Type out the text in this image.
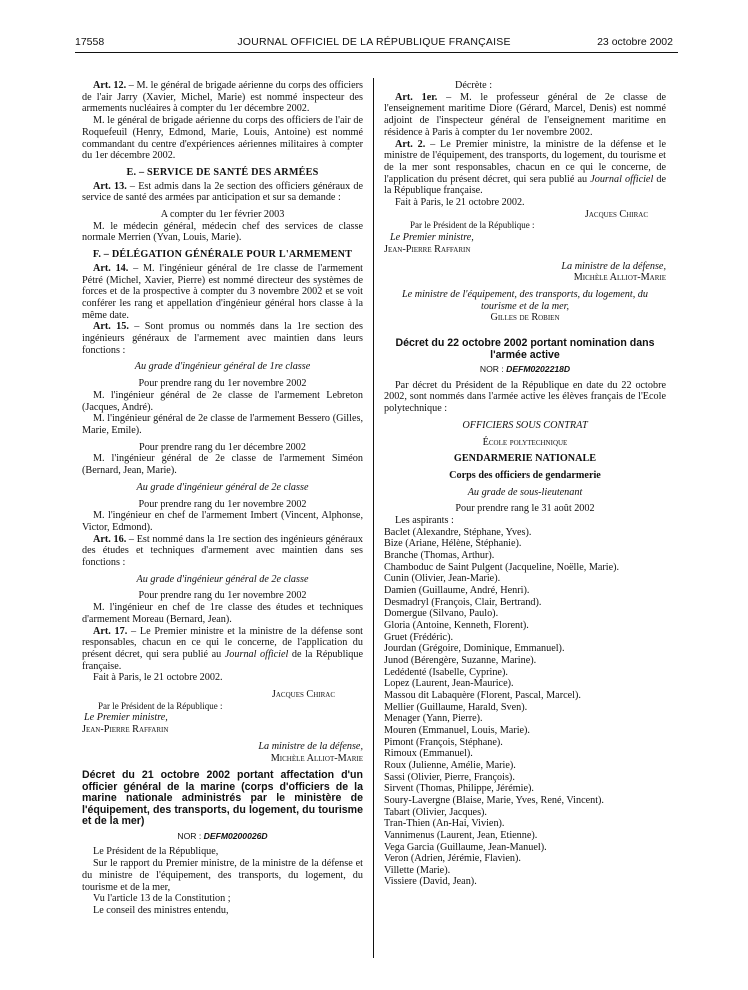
17558	JOURNAL OFFICIEL DE LA RÉPUBLIQUE FRANÇAISE	23 octobre 2002

Art. 12. – M. le général de brigade aérienne du corps des officiers de l'air Jarry (Xavier, Michel, Marie) est nommé inspecteur des armements nucléaires à compter du 1er décembre 2002.

M. le général de brigade aérienne du corps des officiers de l'air de Roquefeuil (Henry, Edmond, Marie, Louis, Antoine) est nommé commandant du centre d'expériences aériennes militaires à compter du 1er décembre 2002.

E. – SERVICE DE SANTÉ DES ARMÉES

Art. 13. – Est admis dans la 2e section des officiers généraux de service de santé des armées par anticipation et sur sa demande :

A compter du 1er février 2003

M. le médecin général, médecin chef des services de classe normale Merrien (Yvan, Louis, Marie).

F. – DÉLÉGATION GÉNÉRALE POUR L'ARMEMENT

Art. 14. – M. l'ingénieur général de 1re classe de l'armement Pétré (Michel, Xavier, Pierre) est nommé directeur des systèmes de forces et de la prospective à compter du 3 novembre 2002 et se voit conférer les rang et appellation d'ingénieur général hors classe à la même date.

Art. 15. – Sont promus ou nommés dans la 1re section des ingénieurs généraux de l'armement avec maintien dans leurs fonctions :

Au grade d'ingénieur général de 1re classe

Pour prendre rang du 1er novembre 2002

M. l'ingénieur général de 2e classe de l'armement Lebreton (Jacques, André).

M. l'ingénieur général de 2e classe de l'armement Bessero (Gilles, Marie, Emile).

Pour prendre rang du 1er décembre 2002

M. l'ingénieur général de 2e classe de l'armement Siméon (Bernard, Jean, Marie).

Au grade d'ingénieur général de 2e classe

Pour prendre rang du 1er novembre 2002

M. l'ingénieur en chef de l'armement Imbert (Vincent, Alphonse, Victor, Edmond).

Art. 16. – Est nommé dans la 1re section des ingénieurs généraux des études et techniques d'armement avec maintien dans ses fonctions :

Au grade d'ingénieur général de 2e classe

Pour prendre rang du 1er novembre 2002

M. l'ingénieur en chef de 1re classe des études et techniques d'armement Moreau (Bernard, Jean).

Art. 17. – Le Premier ministre et la ministre de la défense sont responsables, chacun en ce qui le concerne, de l'application du présent décret, qui sera publié au Journal officiel de la République française.

Fait à Paris, le 21 octobre 2002.

Jacques Chirac

Par le Président de la République :

Le Premier ministre,

Jean-Pierre Raffarin

La ministre de la défense,

Michèle Alliot-Marie

Décret du 21 octobre 2002 portant affectation d'un officier général de la marine (corps d'officiers de la marine nationale administrés par le ministère de l'équipement, des transports, du logement, du tourisme et de la mer)

NOR : DEFM0200026D

Le Président de la République,

Sur le rapport du Premier ministre, de la ministre de la défense et du ministre de l'équipement, des transports, du logement, du tourisme et de la mer,

Vu l'article 13 de la Constitution ;

Le conseil des ministres entendu,

Décrète :

Art. 1er. – M. le professeur général de 2e classe de l'enseignement maritime Diore (Gérard, Marcel, Denis) est nommé adjoint de l'inspecteur général de l'enseignement maritime en résidence à Paris à compter du 1er novembre 2002.

Art. 2. – Le Premier ministre, la ministre de la défense et le ministre de l'équipement, des transports, du logement, du tourisme et de la mer sont responsables, chacun en ce qui le concerne, de l'application du présent décret, qui sera publié au Journal officiel de la République française.

Fait à Paris, le 21 octobre 2002.

Jacques Chirac

Par le Président de la République :

Le Premier ministre,

Jean-Pierre Raffarin

La ministre de la défense,

Michèle Alliot-Marie

Le ministre de l'équipement, des transports, du logement, du tourisme et de la mer,

Gilles de Robien

Décret du 22 octobre 2002 portant nomination dans l'armée active

NOR : DEFM0202218D

Par décret du Président de la République en date du 22 octobre 2002, sont nommés dans l'armée active les élèves français de l'Ecole polytechnique :

OFFICIERS SOUS CONTRAT

École polytechnique

GENDARMERIE NATIONALE

Corps des officiers de gendarmerie

Au grade de sous-lieutenant

Pour prendre rang le 31 août 2002

Les aspirants :

Baclet (Alexandre, Stéphane, Yves).

Bize (Ariane, Hélène, Stéphanie).

Branche (Thomas, Arthur).

Chamboduc de Saint Pulgent (Jacqueline, Noëlle, Marie).

Cunin (Olivier, Jean-Marie).

Damien (Guillaume, André, Henri).

Desmadryl (François, Clair, Bertrand).

Domergue (Silvano, Paulo).

Gloria (Antoine, Kenneth, Florent).

Gruet (Frédéric).

Jourdan (Grégoire, Dominique, Emmanuel).

Junod (Bérengère, Suzanne, Marine).

Ledédenté (Isabelle, Cyprine).

Lopez (Laurent, Jean-Maurice).

Massou dit Labaquère (Florent, Pascal, Marcel).

Mellier (Guillaume, Harald, Sven).

Menager (Yann, Pierre).

Mouren (Emmanuel, Louis, Marie).

Pimont (François, Stéphane).

Rimoux (Emmanuel).

Roux (Julienne, Amélie, Marie).

Sassi (Olivier, Pierre, François).

Sirvent (Thomas, Philippe, Jérémie).

Soury-Lavergne (Blaise, Marie, Yves, René, Vincent).

Tabart (Olivier, Jacques).

Tran-Thien (An-Hai, Vivien).

Vannimenus (Laurent, Jean, Etienne).

Vega Garcia (Guillaume, Jean-Manuel).

Veron (Adrien, Jérémie, Flavien).

Villette (Marie).

Vissiere (David, Jean).
